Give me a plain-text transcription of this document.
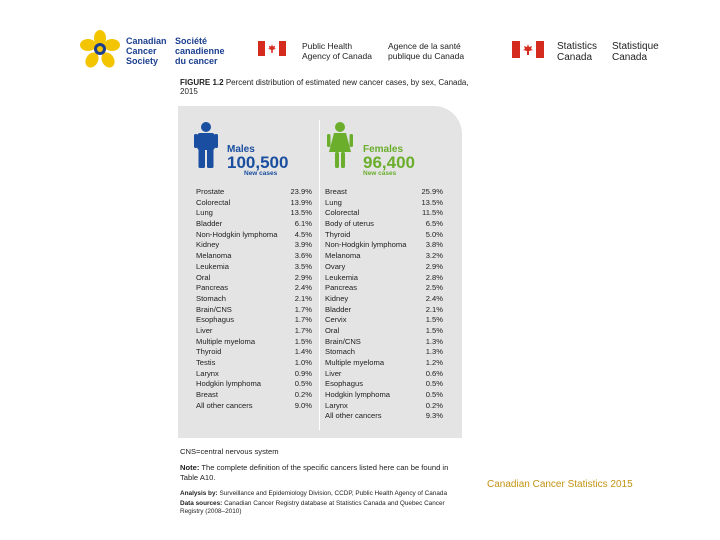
Canadian
Cancer
Society
Société
canadienne
du cancer
Public Health
Agency of Canada
Agence de la santé
publique du Canada
Statistics
Canada
Statistique
Canada
FIGURE 1.2 Percent distribution of estimated new cancer cases, by sex, Canada, 2015
Males
100,500
New cases
Females
96,400
New cases
Prostate	23.9%
Colorectal	13.9%
Lung	13.5%
Bladder	6.1%
Non-Hodgkin lymphoma 4.5%
Kidney	3.9%
Melanoma	3.6%
Leukemia	3.5%
Oral	2.9%
Pancreas	2.4%
Stomach	2.1%
Brain/CNS	1.7%
Esophagus	1.7%
Liver	1.7%
Multiple myeloma	1.5%
Thyroid	1.4%
Testis	1.0%
Larynx	0.9%
Hodgkin lymphoma	0.5%
Breast	0.2%
All other cancers	9.0%
Breast	25.9%
Lung	13.5%
Colorectal	11.5%
Body of uterus	6.5%
Thyroid	5.0%
Non-Hodgkin lymphoma	3.8%
Melanoma	3.2%
Ovary	2.9%
Leukemia	2.8%
Pancreas	2.5%
Kidney	2.4%
Bladder	2.1%
Cervix	1.5%
Oral	1.5%
Brain/CNS	1.3%
Stomach	1.3%
Multiple myeloma	1.2%
Liver	0.6%
Esophagus	0.5%
Hodgkin lymphoma	0.5%
Larynx	0.2%
All other cancers	9.3%
CNS=central nervous system
Note: The complete definition of the specific cancers listed here can be found in Table A10.
Analysis by: Surveillance and Epidemiology Division, CCDP, Public Health Agency of Canada
Data sources: Canadian Cancer Registry database at Statistics Canada and Quebec Cancer Registry (2008–2010)
Canadian Cancer Statistics 2015
